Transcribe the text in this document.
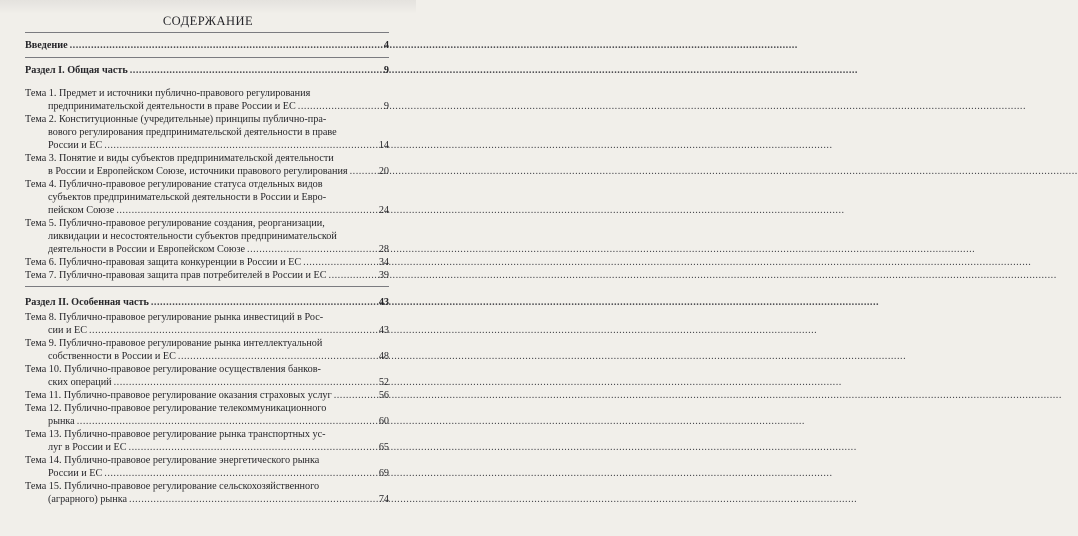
СОДЕРЖАНИЕ
Введение .....	4
Раздел I. Общая часть .....	9
Тема 1. Предмет и источники публично-правового регулирования
предпринимательской деятельности в праве России и ЕС .....	9
Тема 2. Конституционные (учредительные) принципы публично-пра-
вового регулирования предпринимательской деятельности в праве
России и ЕС .....	14
Тема 3. Понятие и виды субъектов предпринимательской деятельности
в России и Европейском Союзе, источники правового регулирования .....	20
Тема 4. Публично-правовое регулирование статуса отдельных видов
субъектов предпринимательской деятельности в России и Евро-
пейском Союзе .....	24
Тема 5. Публично-правовое регулирование создания, реорганизации,
ликвидации и несостоятельности субъектов предпринимательской
деятельности в России и Европейском Союзе .....	28
Тема 6. Публично-правовая защита конкуренции в России и ЕС .....	34
Тема 7. Публично-правовая защита прав потребителей в России и ЕС .....	39
Раздел II. Особенная часть .....	43
Тема 8. Публично-правовое регулирование рынка инвестиций в Рос-
сии и ЕС .....	43
Тема 9. Публично-правовое регулирование рынка интеллектуальной
собственности в России и ЕС .....	48
Тема 10. Публично-правовое регулирование осуществления банков-
ских операций .....	52
Тема 11. Публично-правовое регулирование оказания страховых услуг .....	56
Тема 12. Публично-правовое регулирование телекоммуникационного
рынка .....	60
Тема 13. Публично-правовое регулирование рынка транспортных ус-
луг в России и ЕС .....	65
Тема 14. Публично-правовое регулирование энергетического рынка
России и ЕС .....	69
Тема 15. Публично-правовое регулирование сельскохозяйственного
(аграрного) рынка .....	74
